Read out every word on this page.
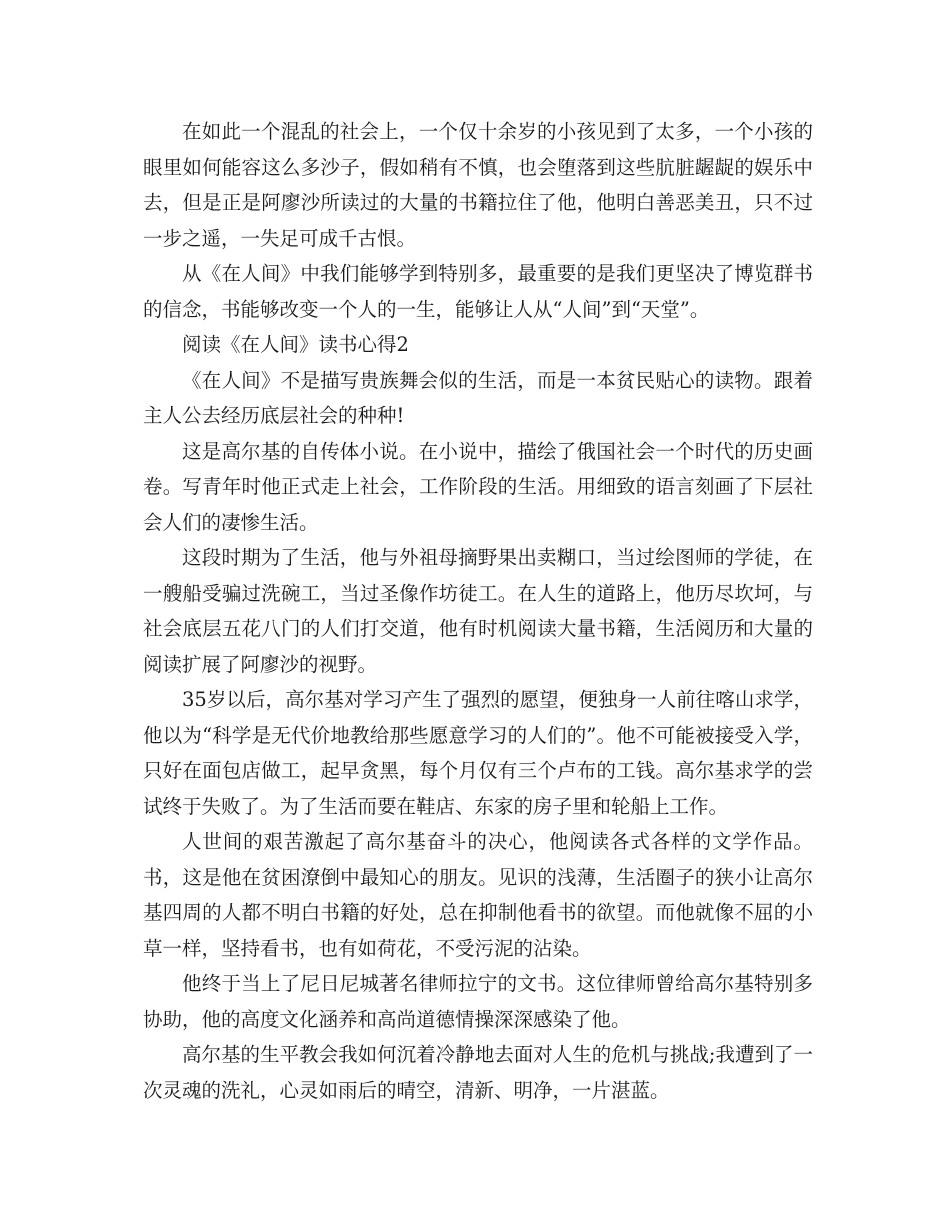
在如此一个混乱的社会上，一个仅十余岁的小孩见到了太多，一个小孩的眼里如何能容这么多沙子，假如稍有不慎，也会堕落到这些肮脏龌龊的娱乐中去，但是正是阿廖沙所读过的大量的书籍拉住了他，他明白善恶美丑，只不过一步之遥，一失足可成千古恨。

从《在人间》中我们能够学到特别多，最重要的是我们更坚决了博览群书的信念，书能够改变一个人的一生，能够让人从“人间”到“天堂”。

阅读《在人间》读书心得2

《在人间》不是描写贵族舞会似的生活，而是一本贫民贴心的读物。跟着主人公去经历底层社会的种种!

这是高尔基的自传体小说。在小说中，描绘了俄国社会一个时代的历史画卷。写青年时他正式走上社会，工作阶段的生活。用细致的语言刻画了下层社会人们的凄惨生活。

这段时期为了生活，他与外祖母摘野果出卖糊口，当过绘图师的学徒，在一艘船受骗过洗碗工，当过圣像作坊徒工。在人生的道路上，他历尽坎坷，与社会底层五花八门的人们打交道，他有时机阅读大量书籍，生活阅历和大量的阅读扩展了阿廖沙的视野。

35岁以后，高尔基对学习产生了强烈的愿望，便独身一人前往喀山求学，他以为“科学是无代价地教给那些愿意学习的人们的”。他不可能被接受入学，只好在面包店做工，起早贪黑，每个月仅有三个卢布的工钱。高尔基求学的尝试终于失败了。为了生活而要在鞋店、东家的房子里和轮船上工作。

人世间的艰苦激起了高尔基奋斗的决心，他阅读各式各样的文学作品。书，这是他在贫困潦倒中最知心的朋友。见识的浅薄，生活圈子的狭小让高尔基四周的人都不明白书籍的好处，总在抑制他看书的欲望。而他就像不屈的小草一样，坚持看书，也有如荷花，不受污泥的沾染。

他终于当上了尼日尼城著名律师拉宁的文书。这位律师曾给高尔基特别多协助，他的高度文化涵养和高尚道德情操深深感染了他。

高尔基的生平教会我如何沉着冷静地去面对人生的危机与挑战;我遭到了一次灵魂的洗礼，心灵如雨后的晴空，清新、明净，一片湛蓝。
